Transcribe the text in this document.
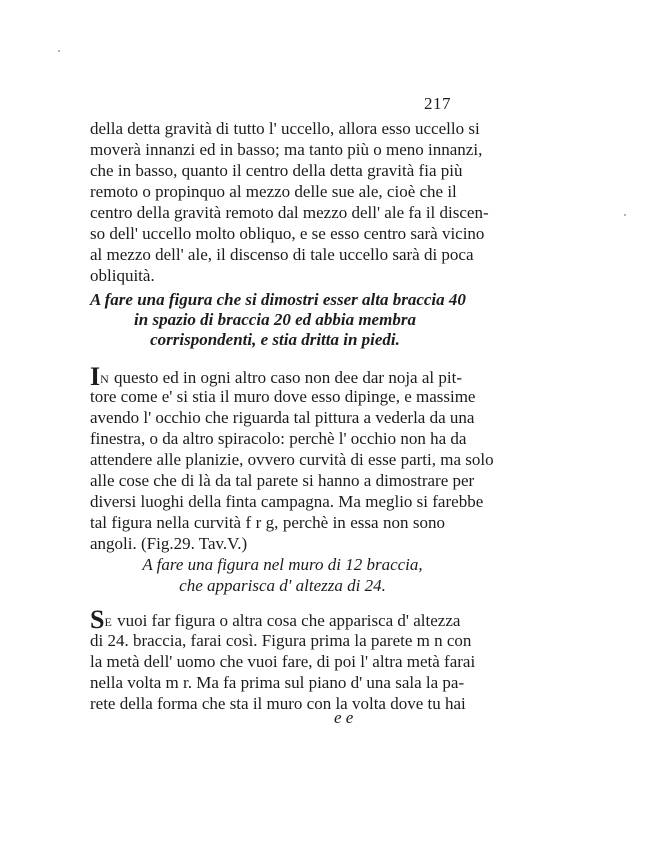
217
della detta gravità di tutto l' uccello, allora esso uccello si
moverà innanzi ed in basso; ma tanto più o meno innanzi,
che in basso, quanto il centro della detta gravità fia più
remoto o propinquo al mezzo delle sue ale, cioè che il
centro della gravità remoto dal mezzo dell' ale fa il discen-
so dell' uccello molto obliquo, e se esso centro sarà vicino
al mezzo dell' ale, il discenso di tale uccello sarà di poca
obliquità.
A fare una figura che si dimostri esser alta braccia 40
in spazio di braccia 20 ed abbia membra
corrispondenti, e stia dritta in piedi.
IN questo ed in ogni altro caso non dee dar noja al pit-
tore come e' si stia il muro dove esso dipinge, e massime
avendo l' occhio che riguarda tal pittura a vederla da una
finestra, o da altro spiracolo: perchè l' occhio non ha da
attendere alle planizie, ovvero curvità di esse parti, ma solo
alle cose che di là da tal parete si hanno a dimostrare per
diversi luoghi della finta campagna. Ma meglio si farebbe
tal figura nella curvità f r g, perchè in essa non sono
angoli. (Fig.29. Tav.V.)
A fare una figura nel muro di 12 braccia,
che apparisca d' altezza di 24.
SE vuoi far figura o altra cosa che apparisca d' altezza
di 24. braccia, farai così. Figura prima la parete m n con
la metà dell' uomo che vuoi fare, di poi l' altra metà farai
nella volta m r. Ma fa prima sul piano d' una sala la pa-
rete della forma che sta il muro con la volta dove tu hai
e e
